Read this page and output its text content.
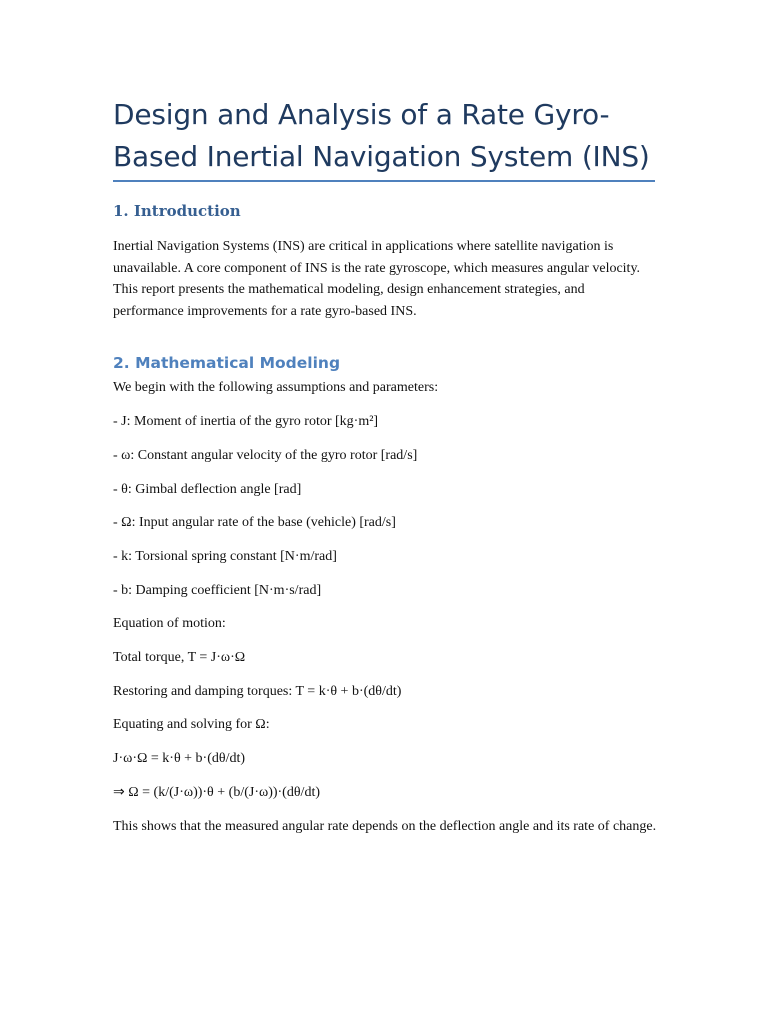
Design and Analysis of a Rate Gyro-Based Inertial Navigation System (INS)
1. Introduction

Inertial Navigation Systems (INS) are critical in applications where satellite navigation is unavailable. A core component of INS is the rate gyroscope, which measures angular velocity. This report presents the mathematical modeling, design enhancement strategies, and performance improvements for a rate gyro-based INS.

2. Mathematical Modeling

We begin with the following assumptions and parameters:

- J: Moment of inertia of the gyro rotor [kg·m²]

- ω: Constant angular velocity of the gyro rotor [rad/s]

- θ: Gimbal deflection angle [rad]

- Ω: Input angular rate of the base (vehicle) [rad/s]

- k: Torsional spring constant [N·m/rad]

- b: Damping coefficient [N·m·s/rad]

Equation of motion:

Total torque, T = J·ω·Ω

Restoring and damping torques: T = k·θ + b·(dθ/dt)

Equating and solving for Ω:

J·ω·Ω = k·θ + b·(dθ/dt)

⇒ Ω = (k/(J·ω))·θ + (b/(J·ω))·(dθ/dt)

This shows that the measured angular rate depends on the deflection angle and its rate of change.
